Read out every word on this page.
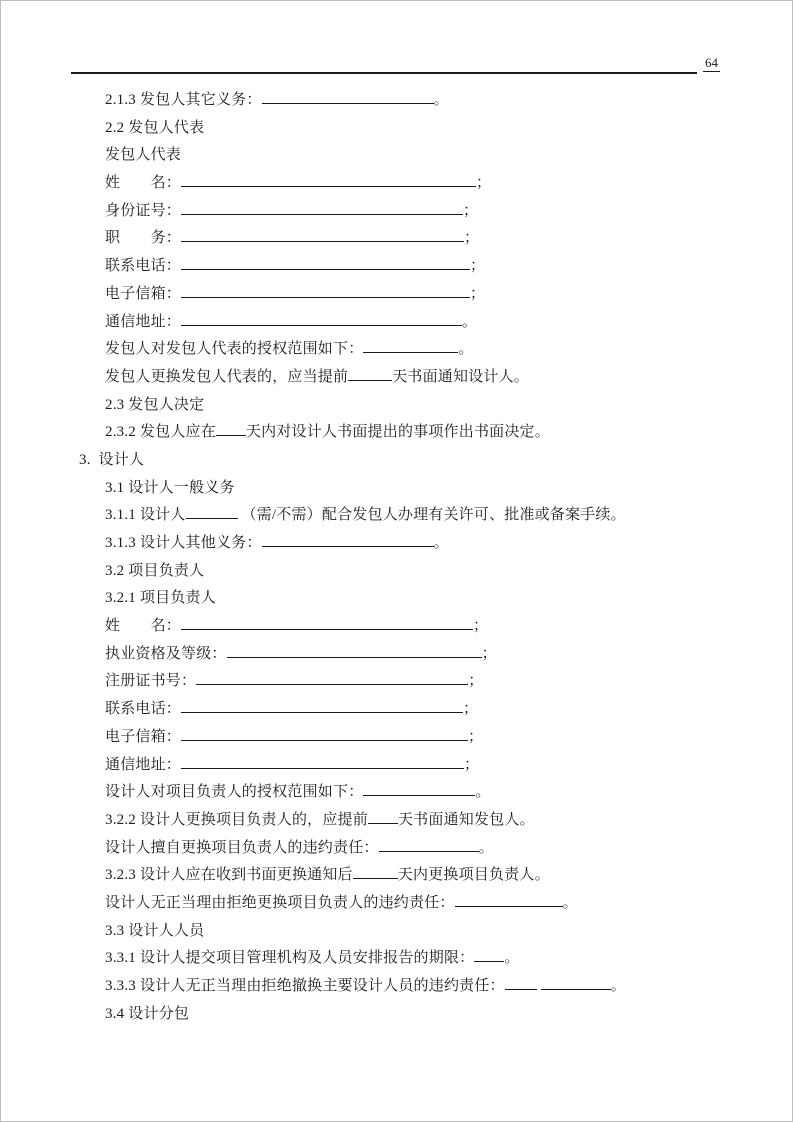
64
2.1.3 发包人其它义务：	。
2.2 发包人代表
发包人代表
姓　　名：	；
身份证号：	；
职　　务：	；
联系电话：	；
电子信箱：	；
通信地址：	。
发包人对发包人代表的授权范围如下：	。
发包人更换发包人代表的，应当提前	天书面通知设计人。
2.3 发包人决定
2.3.2 发包人应在 天内对设计人书面提出的事项作出书面决定。
3.  设计人
3.1 设计人一般义务
3.1.1 设计人	（需/不需）配合发包人办理有关许可、批准或备案手续。
3.1.3 设计人其他义务：	。
3.2 项目负责人
3.2.1 项目负责人
姓　　名：	；
执业资格及等级：	；
注册证书号：	；
联系电话：	；
电子信箱：	；
通信地址：	；
设计人对项目负责人的授权范围如下：	。
3.2.2 设计人更换项目负责人的，应提前 天书面通知发包人。
设计人擅自更换项目负责人的违约责任：	。
3.2.3 设计人应在收到书面更换通知后	天内更换项目负责人。
设计人无正当理由拒绝更换项目负责人的违约责任：	。
3.3 设计人人员
3.3.1 设计人提交项目管理机构及人员安排报告的期限： 。
3.3.3 设计人无正当理由拒绝撤换主要设计人员的违约责任：	。
3.4 设计分包
